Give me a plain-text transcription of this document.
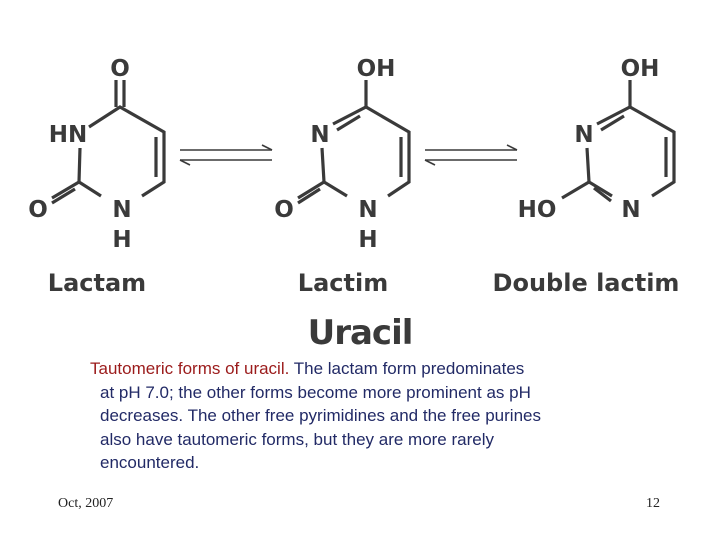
O
HN
O	N
H
OH
N
O	N
H
OH
N
HO	N
Lactam	Lactim	Double lactim
Uracil
Tautomeric forms of uracil. The lactam form predominates
at pH 7.0; the other forms become more prominent as pH
decreases. The other free pyrimidines and the free purines
also have tautomeric forms, but they are more rarely
encountered.
Oct, 2007	12
